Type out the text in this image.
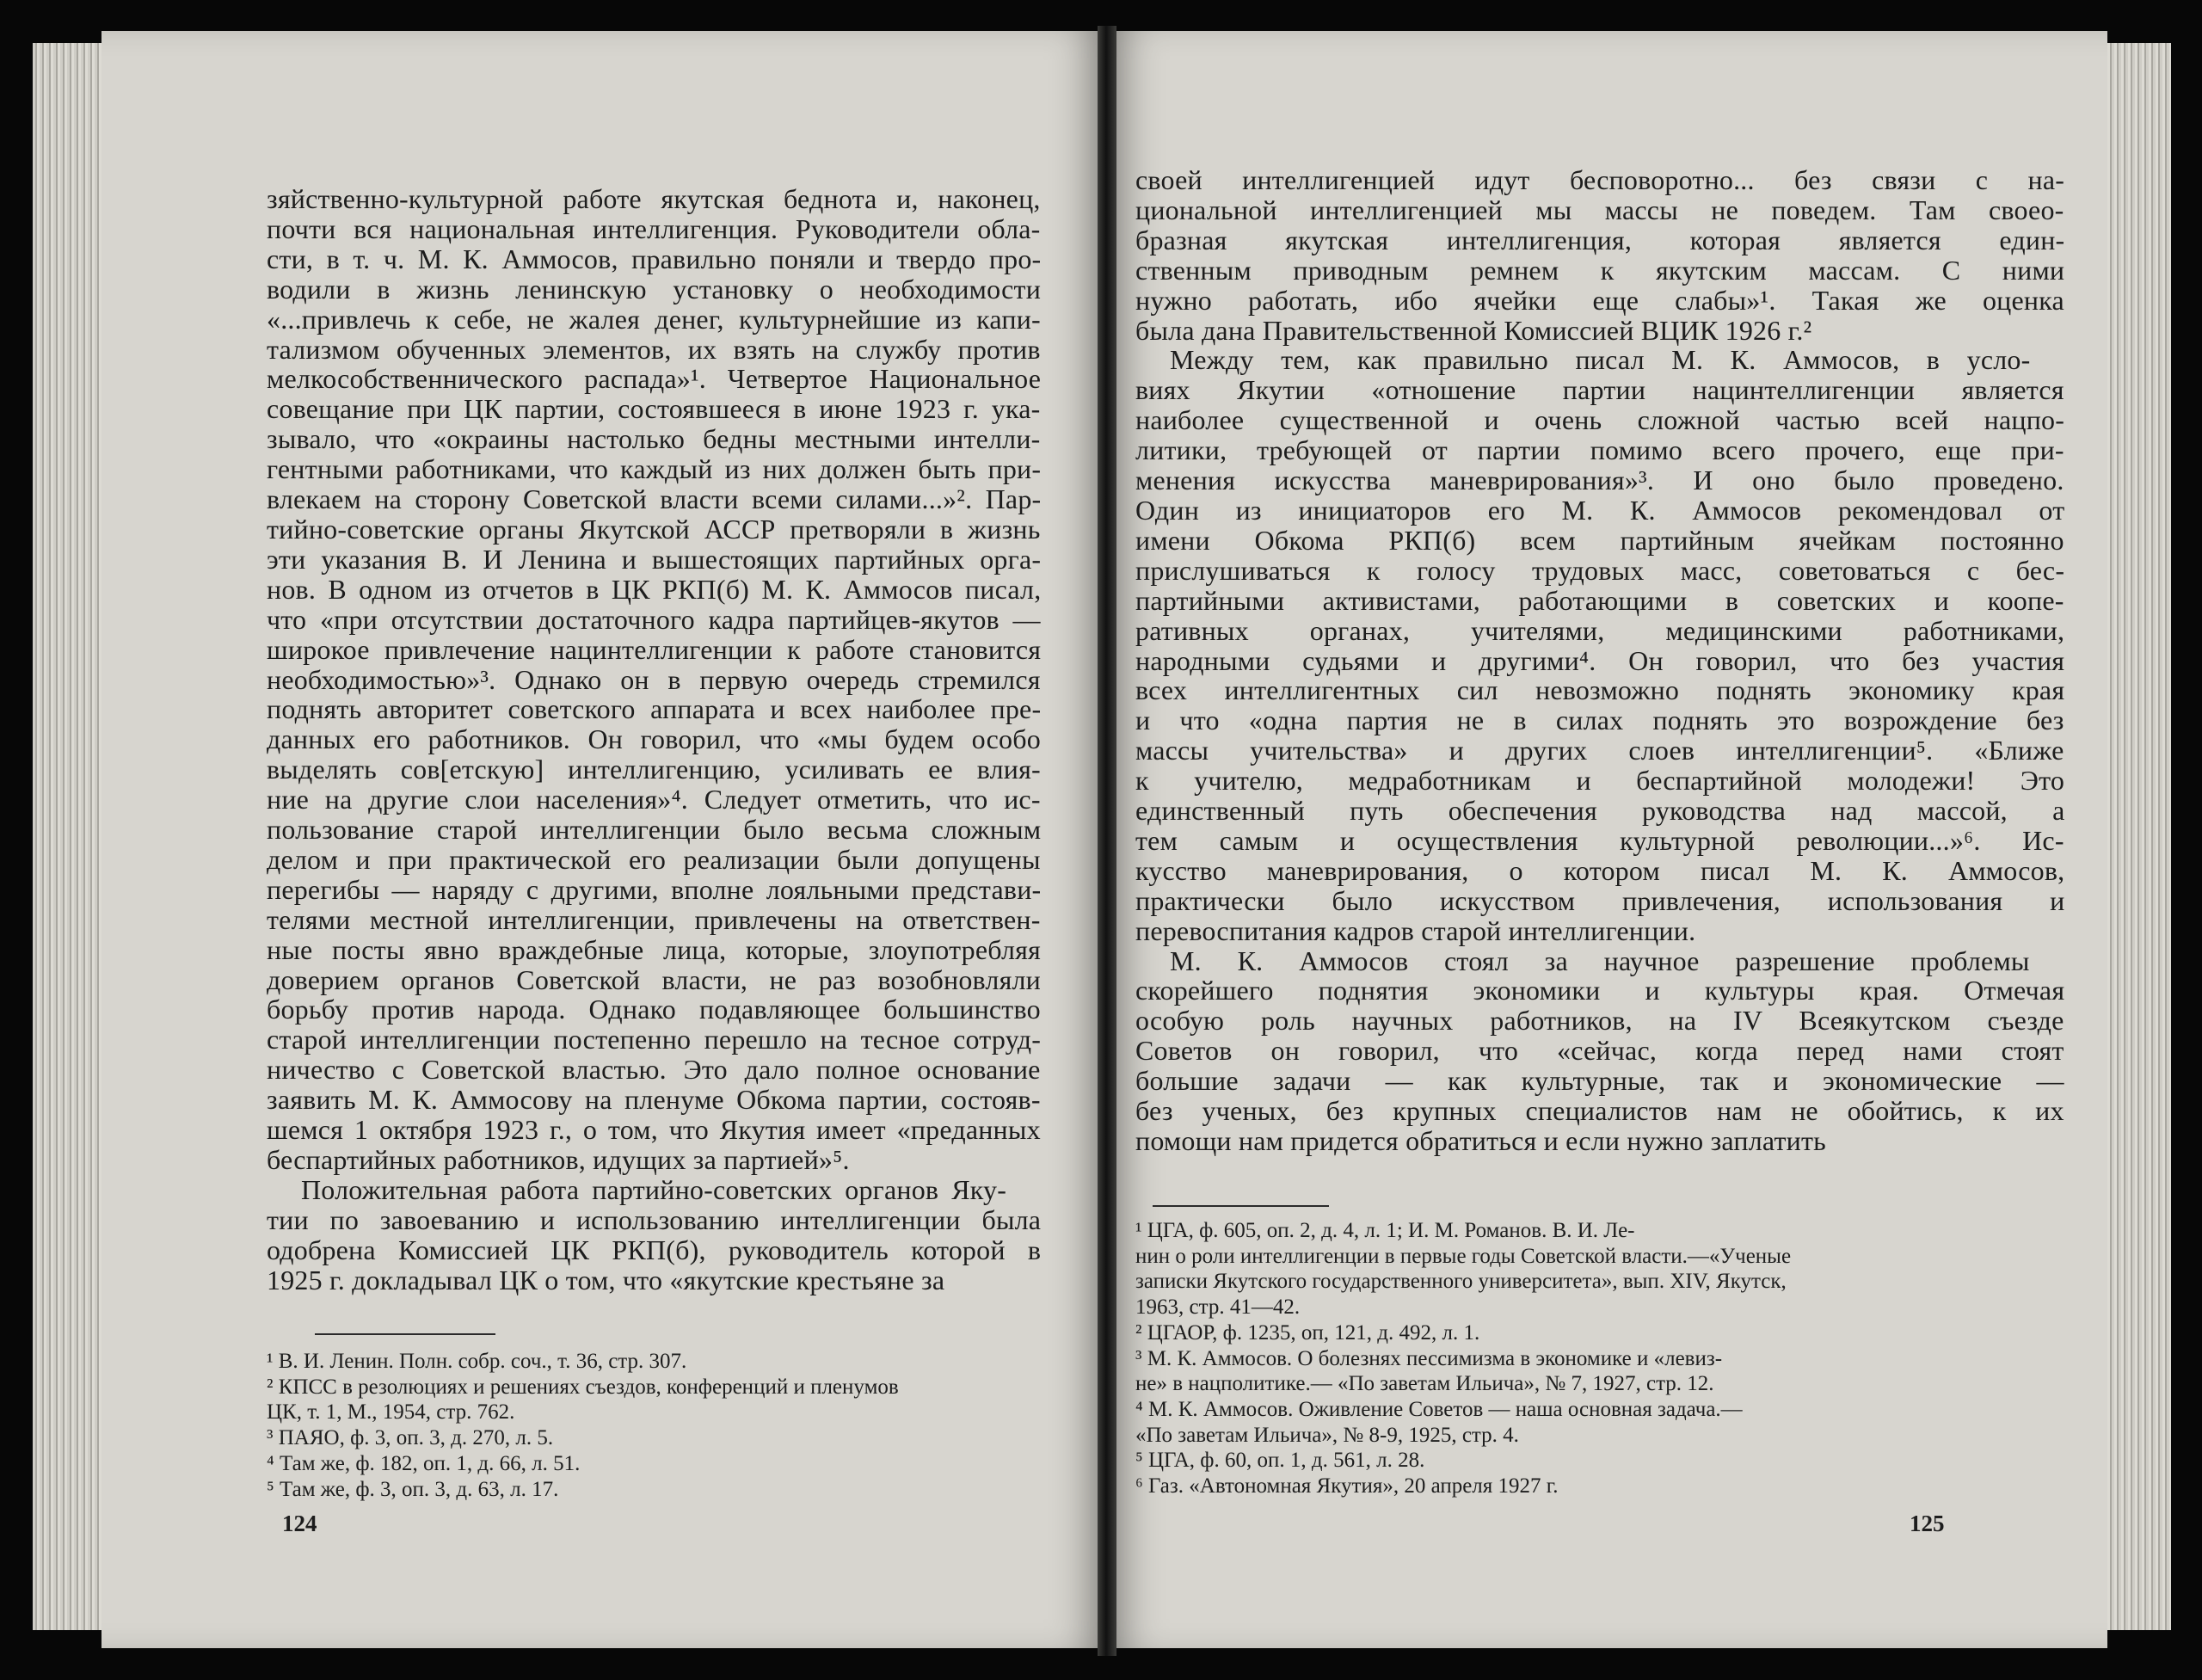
зяйственно-культурной работе якутская беднота и, наконец,
почти вся национальная интеллигенция. Руководители обла-
сти, в т. ч. М. К. Аммосов, правильно поняли и твердо про-
водили в жизнь ленинскую установку о необходимости
«...привлечь к себе, не жалея денег, культурнейшие из капи-
тализмом обученных элементов, их взять на службу против
мелкособственнического распада»¹. Четвертое Национальное
совещание при ЦК партии, состоявшееся в июне 1923 г. ука-
зывало, что «окраины настолько бедны местными интелли-
гентными работниками, что каждый из них должен быть при-
влекаем на сторону Советской власти всеми силами...»². Пар-
тийно-советские органы Якутской АССР претворяли в жизнь
эти указания В. И Ленина и вышестоящих партийных орга-
нов. В одном из отчетов в ЦК РКП(б) М. К. Аммосов писал,
что «при отсутствии достаточного кадра партийцев-якутов —
широкое привлечение нацинтеллигенции к работе становится
необходимостью»³. Однако он в первую очередь стремился
поднять авторитет советского аппарата и всех наиболее пре-
данных его работников. Он говорил, что «мы будем особо
выделять сов[етскую] интеллигенцию, усиливать ее влия-
ние на другие слои населения»⁴. Следует отметить, что ис-
пользование старой интеллигенции было весьма сложным
делом и при практической его реализации были допущены
перегибы — наряду с другими, вполне лояльными представи-
телями местной интеллигенции, привлечены на ответствен-
ные посты явно враждебные лица, которые, злоупотребляя
доверием органов Советской власти, не раз возобновляли
борьбу против народа. Однако подавляющее большинство
старой интеллигенции постепенно перешло на тесное сотруд-
ничество с Советской властью. Это дало полное основание
заявить М. К. Аммосову на пленуме Обкома партии, состояв-
шемся 1 октября 1923 г., о том, что Якутия имеет «преданных
беспартийных работников, идущих за партией»⁵.
Положительная работа партийно-советских органов Яку-
тии по завоеванию и использованию интеллигенции была
одобрена Комиссией ЦК РКП(б), руководитель которой в
1925 г. докладывал ЦК о том, что «якутские крестьяне за
¹ В. И. Ленин. Полн. собр. соч., т. 36, стр. 307.
² КПСС в резолюциях и решениях съездов, конференций и пленумов
ЦК, т. 1, М., 1954, стр. 762.
³ ПАЯО, ф. 3, оп. 3, д. 270, л. 5.
⁴ Там же, ф. 182, оп. 1, д. 66, л. 51.
⁵ Там же, ф. 3, оп. 3, д. 63, л. 17.
124
своей интеллигенцией идут бесповоротно... без связи с на-
циональной интеллигенцией мы массы не поведем. Там своео-
бразная якутская интеллигенция, которая является един-
ственным приводным ремнем к якутским массам. С ними
нужно работать, ибо ячейки еще слабы»¹. Такая же оценка
была дана Правительственной Комиссией ВЦИК 1926 г.²
Между тем, как правильно писал М. К. Аммосов, в усло-
виях Якутии «отношение партии нацинтеллигенции является
наиболее существенной и очень сложной частью всей нацпо-
литики, требующей от партии помимо всего прочего, еще при-
менения искусства маневрирования»³. И оно было проведено.
Один из инициаторов его М. К. Аммосов рекомендовал от
имени Обкома РКП(б) всем партийным ячейкам постоянно
прислушиваться к голосу трудовых масс, советоваться с бес-
партийными активистами, работающими в советских и коопе-
ративных органах, учителями, медицинскими работниками,
народными судьями и другими⁴. Он говорил, что без участия
всех интеллигентных сил невозможно поднять экономику края
и что «одна партия не в силах поднять это возрождение без
массы учительства» и других слоев интеллигенции⁵. «Ближе
к учителю, медработникам и беспартийной молодежи! Это
единственный путь обеспечения руководства над массой, а
тем самым и осуществления культурной революции...»⁶. Ис-
кусство маневрирования, о котором писал М. К. Аммосов,
практически было искусством привлечения, использования и
перевоспитания кадров старой интеллигенции.
М. К. Аммосов стоял за научное разрешение проблемы
скорейшего поднятия экономики и культуры края. Отмечая
особую роль научных работников, на IV Всеякутском съезде
Советов он говорил, что «сейчас, когда перед нами стоят
большие задачи — как культурные, так и экономические —
без ученых, без крупных специалистов нам не обойтись, к их
помощи нам придется обратиться и если нужно заплатить
¹ ЦГА, ф. 605, оп. 2, д. 4, л. 1; И. М. Романов. В. И. Ле-
нин о роли интеллигенции в первые годы Советской власти.—«Ученые
записки Якутского государственного университета», вып. XIV, Якутск,
1963, стр. 41—42.
² ЦГАОР, ф. 1235, оп, 121, д. 492, л. 1.
³ М. К. Аммосов. О болезнях пессимизма в экономике и «левиз-
не» в нацполитике.— «По заветам Ильича», № 7, 1927, стр. 12.
⁴ М. К. Аммосов. Оживление Советов — наша основная задача.—
«По заветам Ильича», № 8-9, 1925, стр. 4.
⁵ ЦГА, ф. 60, оп. 1, д. 561, л. 28.
⁶ Газ. «Автономная Якутия», 20 апреля 1927 г.
125
